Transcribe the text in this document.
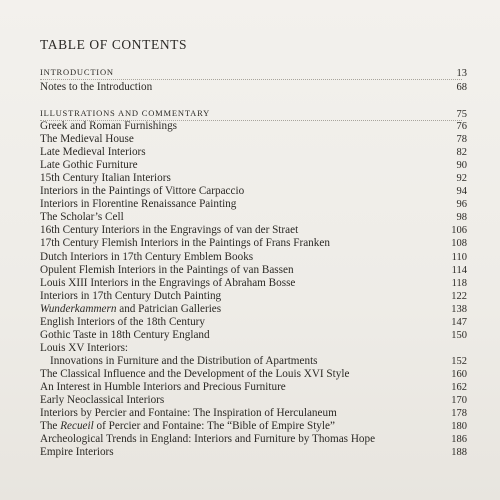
TABLE OF CONTENTS
INTRODUCTION	13
Notes to the Introduction	68
ILLUSTRATIONS AND COMMENTARY	75
Greek and Roman Furnishings	76
The Medieval House	78
Late Medieval Interiors	82
Late Gothic Furniture	90
15th Century Italian Interiors	92
Interiors in the Paintings of Vittore Carpaccio	94
Interiors in Florentine Renaissance Painting	96
The Scholar’s Cell	98
16th Century Interiors in the Engravings of van der Straet	106
17th Century Flemish Interiors in the Paintings of Frans Franken	108
Dutch Interiors in 17th Century Emblem Books	110
Opulent Flemish Interiors in the Paintings of van Bassen	114
Louis XIII Interiors in the Engravings of Abraham Bosse	118
Interiors in 17th Century Dutch Painting	122
Wunderkammern and Patrician Galleries	138
English Interiors of the 18th Century	147
Gothic Taste in 18th Century England	150
Louis XV Interiors:
Innovations in Furniture and the Distribution of Apartments	152
The Classical Influence and the Development of the Louis XVI Style	160
An Interest in Humble Interiors and Precious Furniture	162
Early Neoclassical Interiors	170
Interiors by Percier and Fontaine: The Inspiration of Herculaneum	178
The Recueil of Percier and Fontaine: The “Bible of Empire Style”	180
Archeological Trends in England: Interiors and Furniture by Thomas Hope	186
Empire Interiors	188
